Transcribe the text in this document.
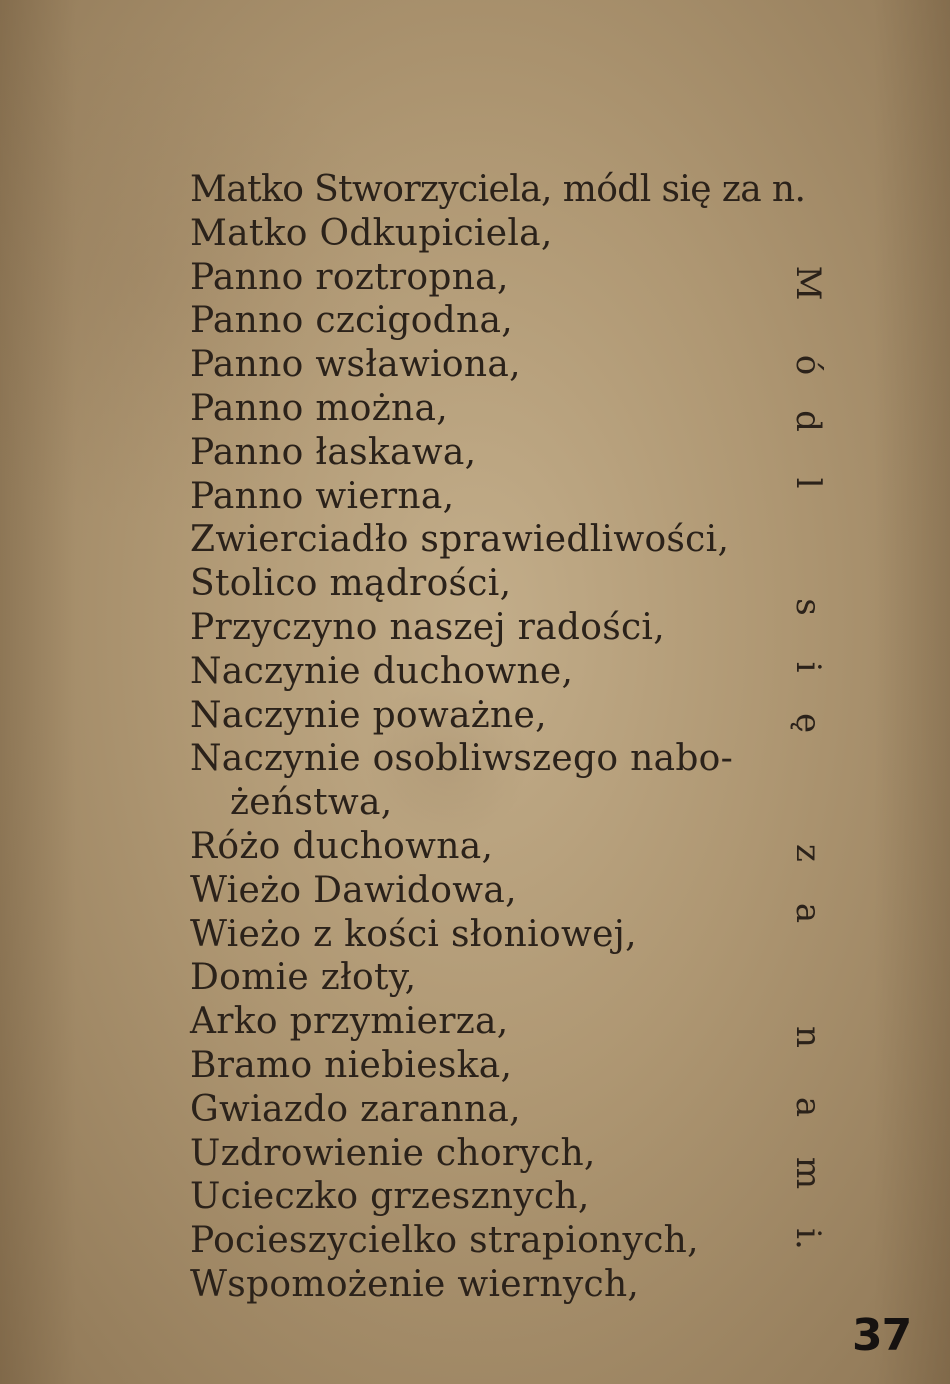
Matko Stworzyciela, módl się za n.
Matko Odkupiciela,
Panno roztropna,
Panno czcigodna,
Panno wsławiona,
Panno można,
Panno łaskawa,
Panno wierna,
Zwierciadło sprawiedliwości,
Stolico mądrości,
Przyczyno naszej radości,
Naczynie duchowne,
Naczynie poważne,
Naczynie osobliwszego nabo-
żeństwa,
Różo duchowna,
Wieżo Dawidowa,
Wieżo z kości słoniowej,
Domie złoty,
Arko przymierza,
Bramo niebieska,
Gwiazdo zaranna,
Uzdrowienie chorych,
Ucieczko grzesznych,
Pocieszycielko strapionych,
Wspomożenie wiernych,
M
ó
d
l
s
i
ę
z
a
n
a
m
i.
37
